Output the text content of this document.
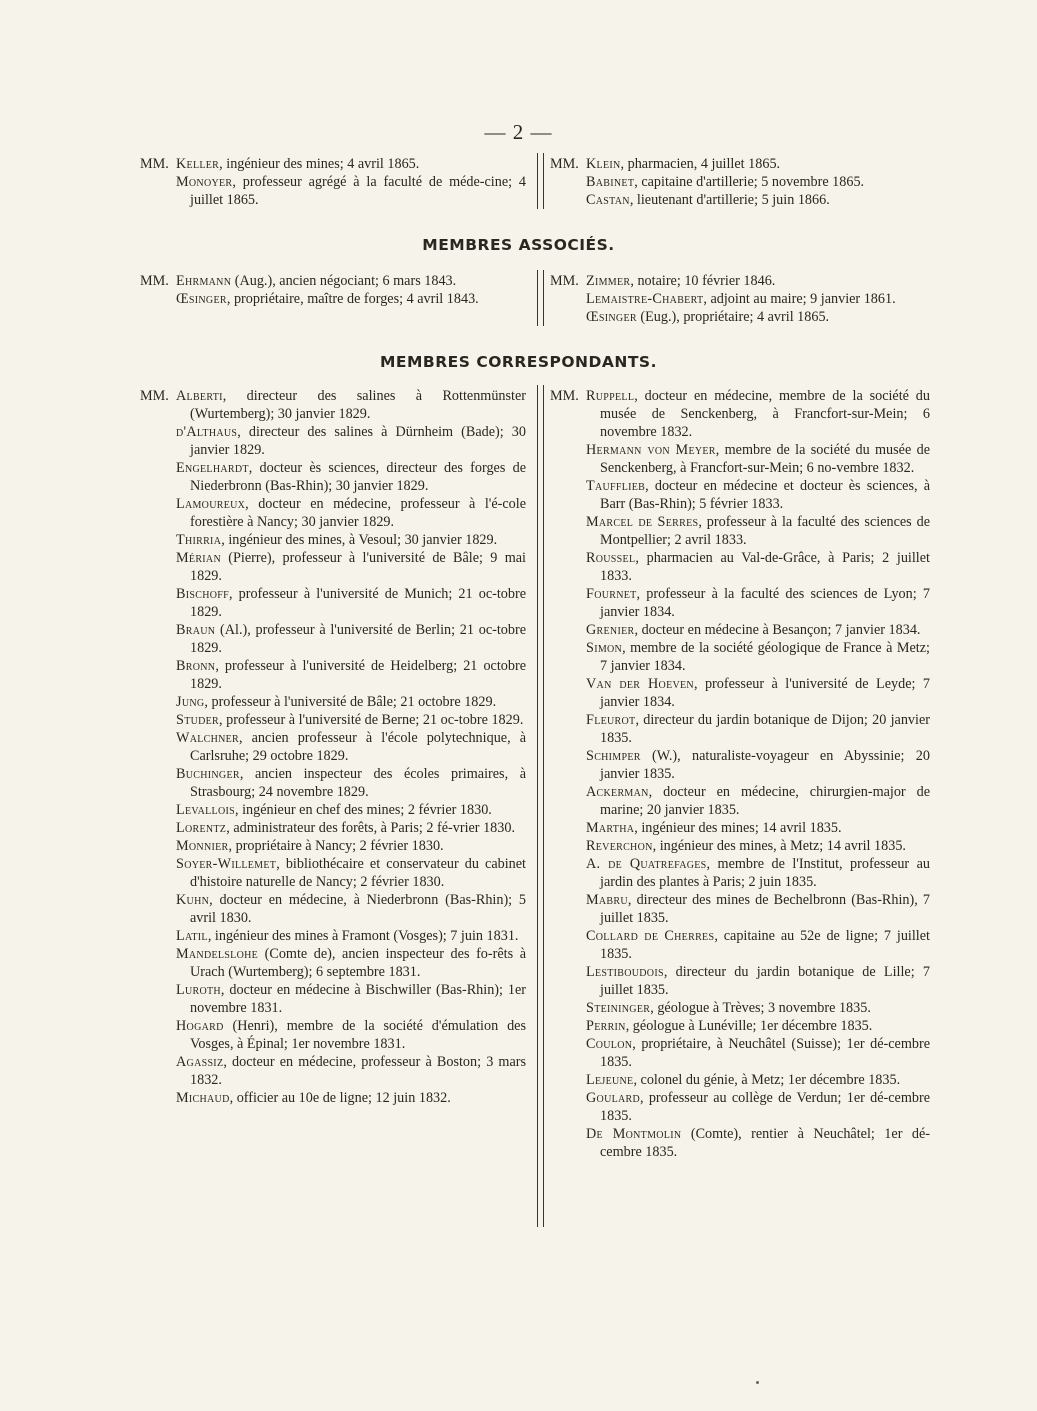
— 2 —
MM. Keller, ingénieur des mines; 4 avril 1865.
Monoyer, professeur agrégé à la faculté de méde-cine; 4 juillet 1865.
MM. Klein, pharmacien, 4 juillet 1865.
Babinet, capitaine d'artillerie; 5 novembre 1865.
Castan, lieutenant d'artillerie; 5 juin 1866.
MEMBRES ASSOCIÉS.
MM. Ehrmann (Aug.), ancien négociant; 6 mars 1843.
Œsinger, propriétaire, maître de forges; 4 avril 1843.
MM. Zimmer, notaire; 10 février 1846.
Lemaistre-Chabert, adjoint au maire; 9 janvier 1861.
Œsinger (Eug.), propriétaire; 4 avril 1865.
MEMBRES CORRESPONDANTS.
MM. Alberti, directeur des salines à Rottenmünster (Wurtemberg); 30 janvier 1829.
d'Althaus, directeur des salines à Dürnheim (Bade); 30 janvier 1829.
Engelhardt, docteur ès sciences, directeur des forges de Niederbronn (Bas-Rhin); 30 janvier 1829.
Lamoureux, docteur en médecine, professeur à l'é-cole forestière à Nancy; 30 janvier 1829.
Thirria, ingénieur des mines, à Vesoul; 30 janvier 1829.
Mérian (Pierre), professeur à l'université de Bâle; 9 mai 1829.
Bischoff, professeur à l'université de Munich; 21 oc-tobre 1829.
Braun (Al.), professeur à l'université de Berlin; 21 oc-tobre 1829.
Bronn, professeur à l'université de Heidelberg; 21 octobre 1829.
Jung, professeur à l'université de Bâle; 21 octobre 1829.
Studer, professeur à l'université de Berne; 21 oc-tobre 1829.
Walchner, ancien professeur à l'école polytechnique, à Carlsruhe; 29 octobre 1829.
Buchinger, ancien inspecteur des écoles primaires, à Strasbourg; 24 novembre 1829.
Levallois, ingénieur en chef des mines; 2 février 1830.
Lorentz, administrateur des forêts, à Paris; 2 fé-vrier 1830.
Monnier, propriétaire à Nancy; 2 février 1830.
Soyer-Willemet, bibliothécaire et conservateur du cabinet d'histoire naturelle de Nancy; 2 février 1830.
Kuhn, docteur en médecine, à Niederbronn (Bas-Rhin); 5 avril 1830.
Latil, ingénieur des mines à Framont (Vosges); 7 juin 1831.
Mandelslohe (Comte de), ancien inspecteur des fo-rêts à Urach (Wurtemberg); 6 septembre 1831.
Luroth, docteur en médecine à Bischwiller (Bas-Rhin); 1er novembre 1831.
Hogard (Henri), membre de la société d'émulation des Vosges, à Épinal; 1er novembre 1831.
Agassiz, docteur en médecine, professeur à Boston; 3 mars 1832.
Michaud, officier au 10e de ligne; 12 juin 1832.
MM. Ruppell, docteur en médecine, membre de la société du musée de Senckenberg, à Francfort-sur-Mein; 6 novembre 1832.
Hermann von Meyer, membre de la société du musée de Senckenberg, à Francfort-sur-Mein; 6 no-vembre 1832.
Tauffliеb, docteur en médecine et docteur ès sciences, à Barr (Bas-Rhin); 5 février 1833.
Marcel de Serres, professeur à la faculté des sciences de Montpellier; 2 avril 1833.
Roussel, pharmacien au Val-de-Grâce, à Paris; 2 juillet 1833.
Fournet, professeur à la faculté des sciences de Lyon; 7 janvier 1834.
Grenier, docteur en médecine à Besançon; 7 janvier 1834.
Simon, membre de la société géologique de France à Metz; 7 janvier 1834.
Van der Hoeven, professeur à l'université de Leyde; 7 janvier 1834.
Fleurot, directeur du jardin botanique de Dijon; 20 janvier 1835.
Schimper (W.), naturaliste-voyageur en Abyssinie; 20 janvier 1835.
Ackerman, docteur en médecine, chirurgien-major de marine; 20 janvier 1835.
Martha, ingénieur des mines; 14 avril 1835.
Reverchon, ingénieur des mines, à Metz; 14 avril 1835.
A. de Quatrefages, membre de l'Institut, professeur au jardin des plantes à Paris; 2 juin 1835.
Mabru, directeur des mines de Bechelbronn (Bas-Rhin), 7 juillet 1835.
Collard de Cherres, capitaine au 52e de ligne; 7 juillet 1835.
Lestiboudois, directeur du jardin botanique de Lille; 7 juillet 1835.
Steininger, géologue à Trèves; 3 novembre 1835.
Perrin, géologue à Lunéville; 1er décembre 1835.
Coulon, propriétaire, à Neuchâtel (Suisse); 1er dé-cembre 1835.
Lejeune, colonel du génie, à Metz; 1er décembre 1835.
Goulard, professeur au collège de Verdun; 1er dé-cembre 1835.
De Montmolin (Comte), rentier à Neuchâtel; 1er dé-cembre 1835.
